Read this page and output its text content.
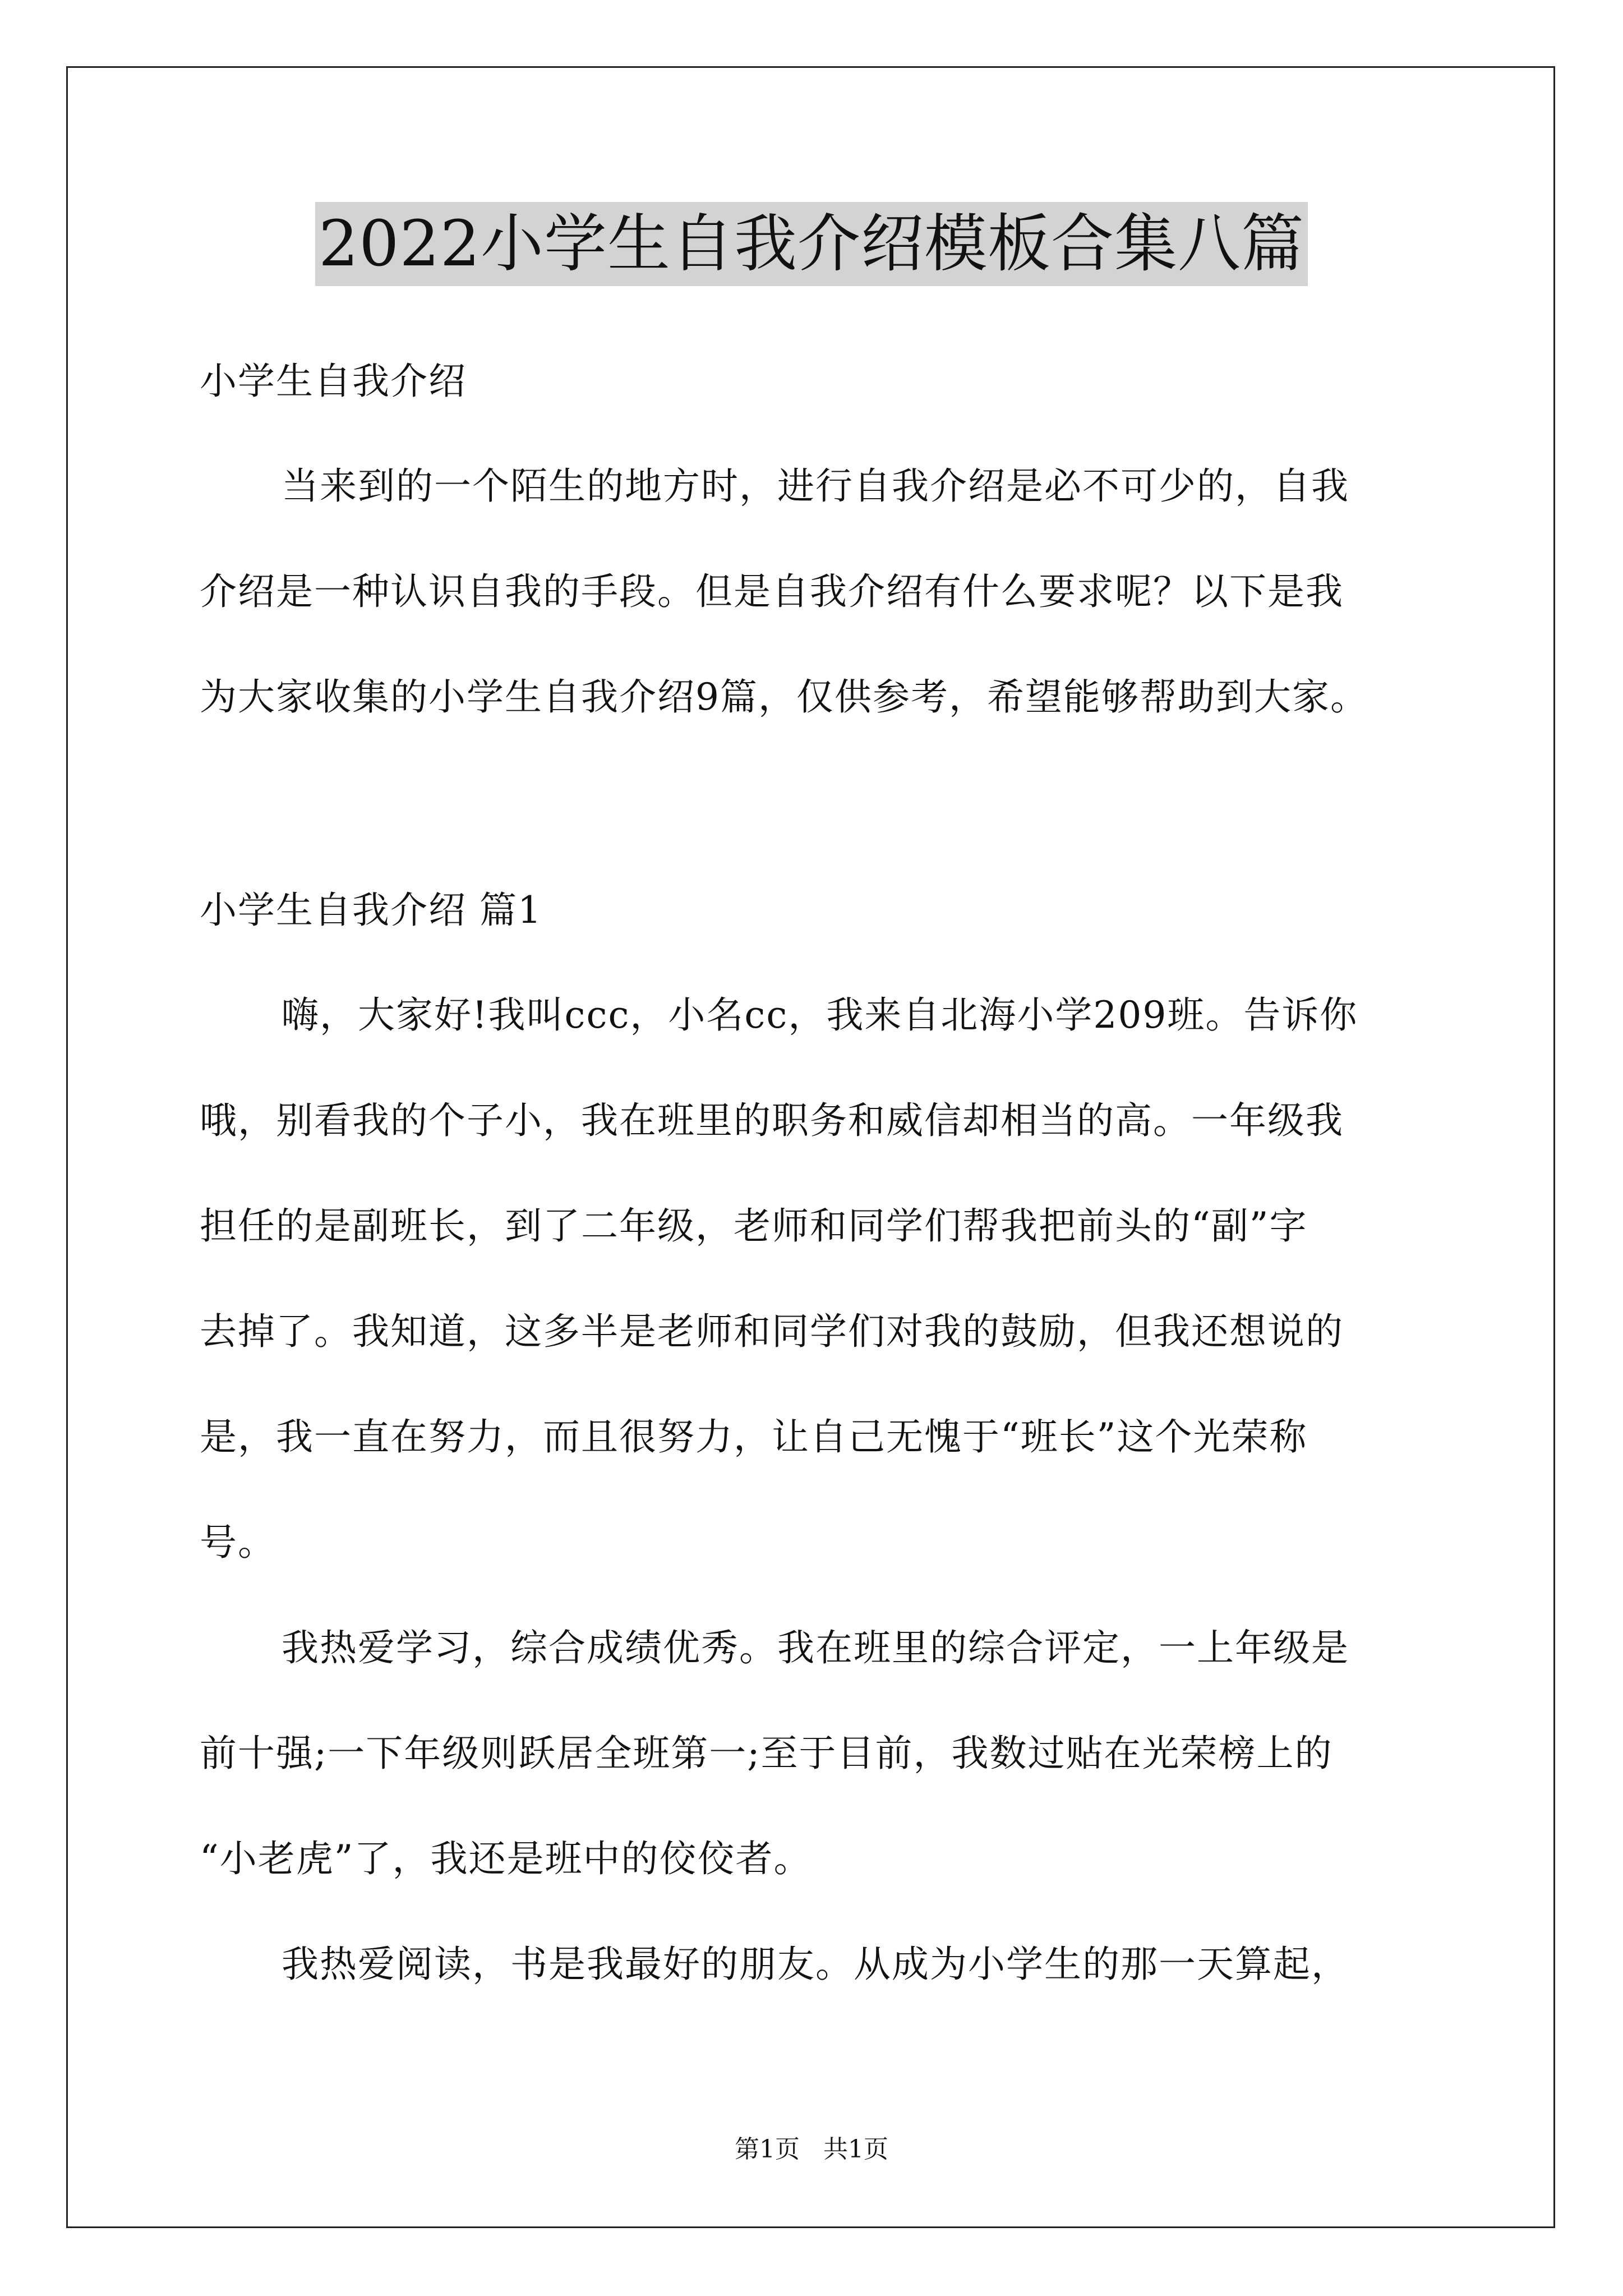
2022小学生自我介绍模板合集八篇
小学生自我介绍
当来到的一个陌生的地方时，进行自我介绍是必不可少的，自我
介绍是一种认识自我的手段。但是自我介绍有什么要求呢？以下是我
为大家收集的小学生自我介绍9篇，仅供参考，希望能够帮助到大家。
小学生自我介绍 篇1
嗨，大家好!我叫ccc，小名cc，我来自北海小学209班。告诉你
哦，别看我的个子小，我在班里的职务和威信却相当的高。一年级我
担任的是副班长，到了二年级，老师和同学们帮我把前头的“副”字
去掉了。我知道，这多半是老师和同学们对我的鼓励，但我还想说的
是，我一直在努力，而且很努力，让自己无愧于“班长”这个光荣称
号。
我热爱学习，综合成绩优秀。我在班里的综合评定，一上年级是
前十强;一下年级则跃居全班第一;至于目前，我数过贴在光荣榜上的
“小老虎”了，我还是班中的佼佼者。
我热爱阅读，书是我最好的朋友。从成为小学生的那一天算起，
第1页   共1页
